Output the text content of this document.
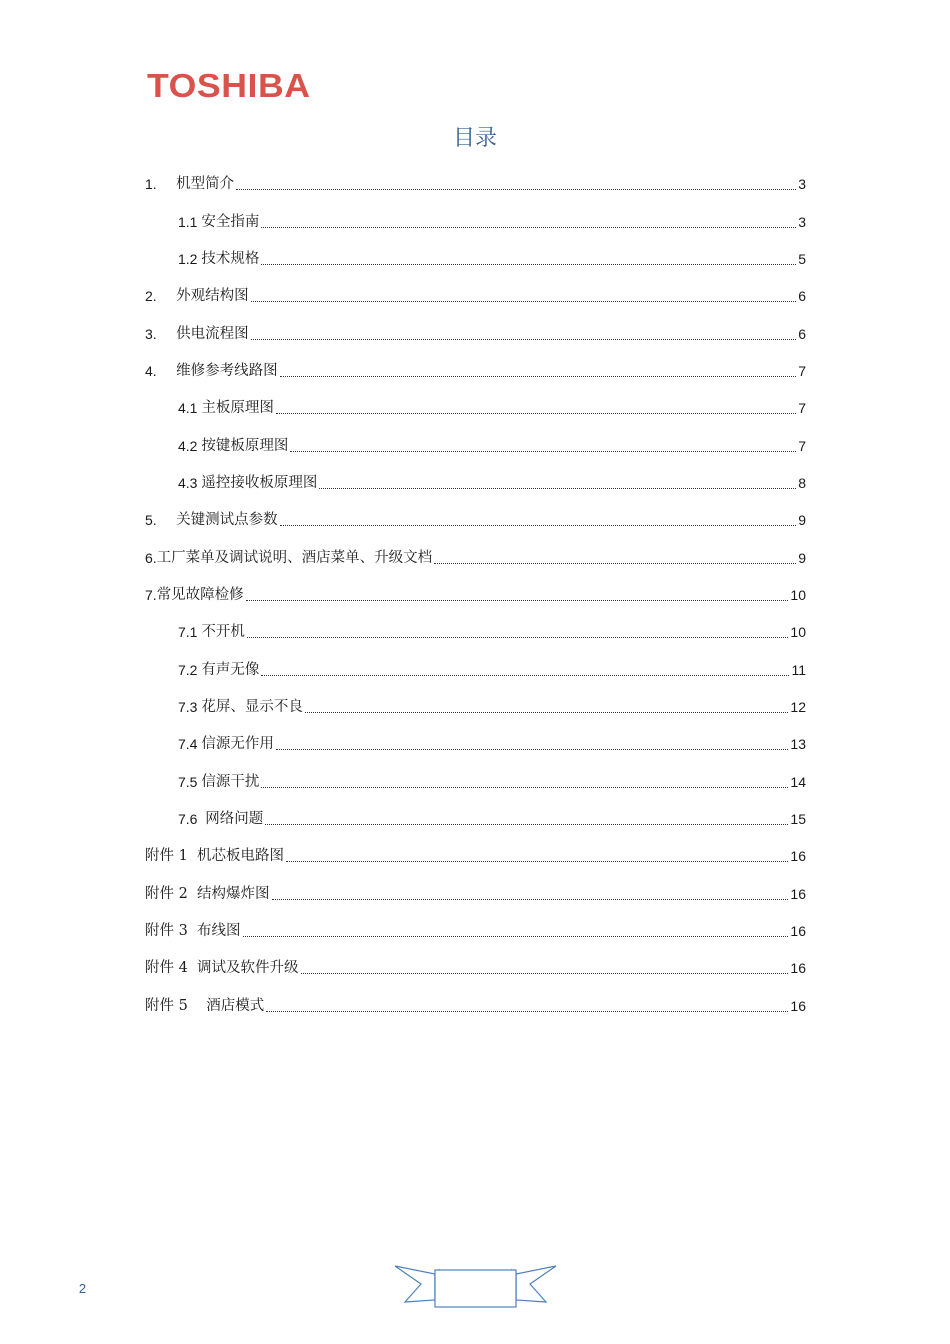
TOSHIBA
目录
1. 机型简介	3
1.1 安全指南	3
1.2 技术规格	5
2. 外观结构图	6
3. 供电流程图	6
4. 维修参考线路图	7
4.1 主板原理图	7
4.2 按键板原理图	7
4.3 遥控接收板原理图	8
5. 关键测试点参数	9
6. 工厂菜单及调试说明、酒店菜单、升级文档	9
7. 常见故障检修	10
7.1 不开机	10
7.2 有声无像	11
7.3 花屏、显示不良	12
7.4 信源无作用	13
7.5 信源干扰	14
7.6 网络问题	15
附件 1  机芯板电路图	16
附件 2  结构爆炸图	16
附件 3  布线图	16
附件 4  调试及软件升级	16
附件 5    酒店模式	16
2
